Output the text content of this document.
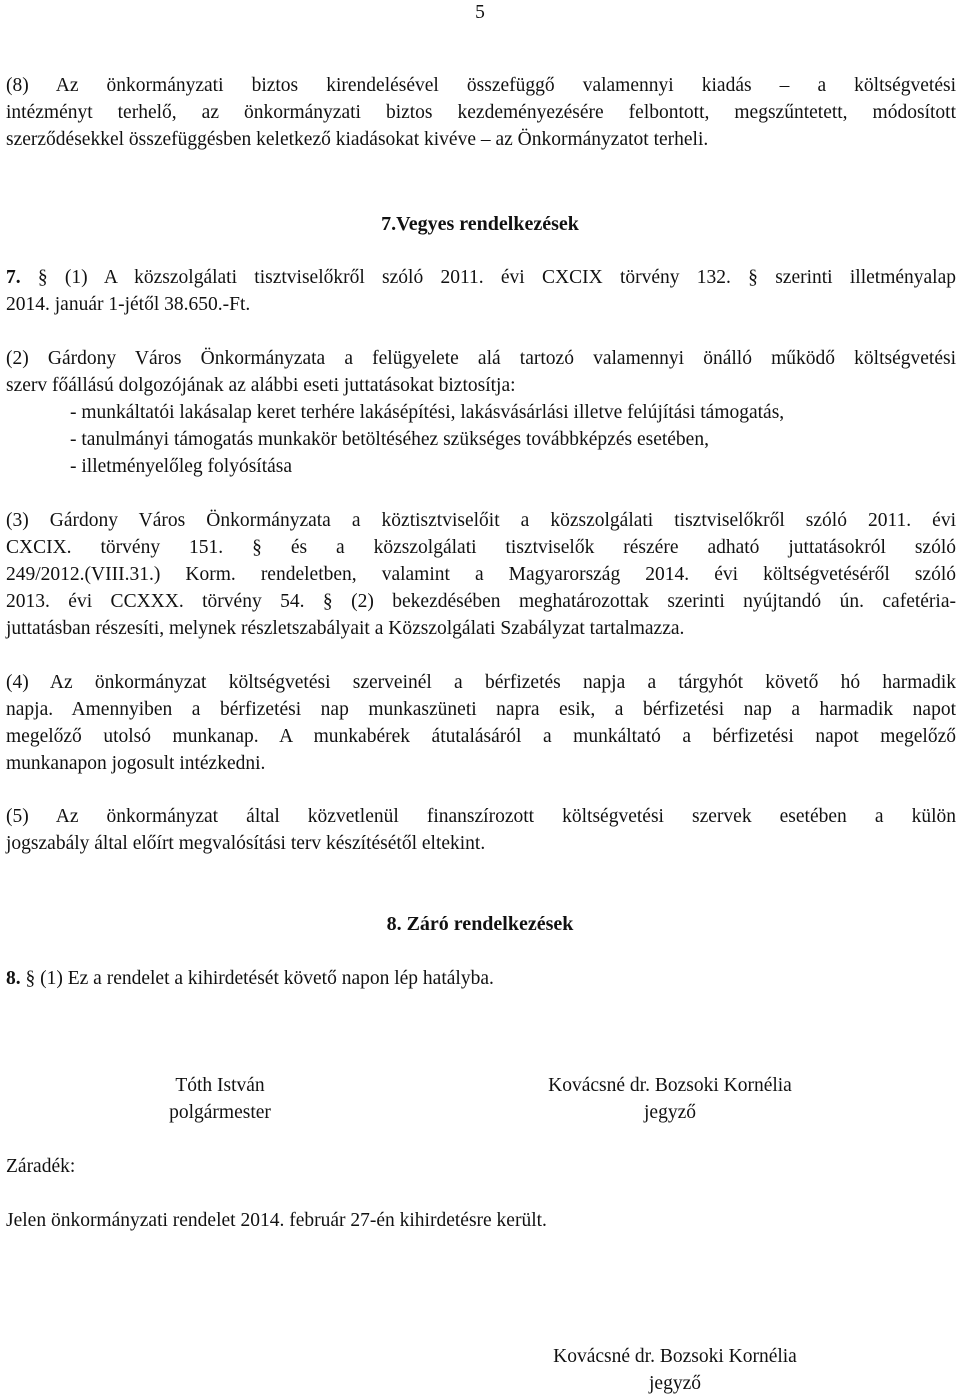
5
(8) Az önkormányzati biztos kirendelésével összefüggő valamennyi kiadás – a költségvetési
intézményt terhelő, az önkormányzati biztos kezdeményezésére felbontott, megszűntetett, módosított
szerződésekkel összefüggésben keletkező kiadásokat kivéve – az Önkormányzatot terheli.
7.Vegyes rendelkezések
7. § (1) A közszolgálati tisztviselőkről szóló 2011. évi CXCIX törvény 132. § szerinti illetményalap
2014. január 1-jétől 38.650.-Ft.
(2) Gárdony Város Önkormányzata a felügyelete alá tartozó valamennyi önálló működő költségvetési
szerv főállású dolgozójának az alábbi eseti juttatásokat biztosítja:
- munkáltatói lakásalap keret terhére lakásépítési, lakásvásárlási illetve felújítási támogatás,
- tanulmányi támogatás munkakör betöltéséhez szükséges továbbképzés esetében,
- illetményelőleg folyósítása
(3) Gárdony Város Önkormányzata a köztisztviselőit a közszolgálati tisztviselőkről szóló 2011. évi
CXCIX. törvény 151. § és a közszolgálati tisztviselők részére adható juttatásokról szóló
249/2012.(VIII.31.) Korm. rendeletben, valamint a Magyarország 2014. évi költségvetéséről szóló
2013. évi CCXXX. törvény 54. § (2) bekezdésében meghatározottak szerinti nyújtandó ún. cafetéria-
juttatásban részesíti, melynek részletszabályait a Közszolgálati Szabályzat tartalmazza.
(4) Az önkormányzat költségvetési szerveinél a bérfizetés napja a tárgyhót követő hó harmadik
napja. Amennyiben a bérfizetési nap munkaszüneti napra esik, a bérfizetési nap a harmadik napot
megelőző utolsó munkanap. A munkabérek átutalásáról a munkáltató a bérfizetési napot megelőző
munkanapon jogosult intézkedni.
(5) Az önkormányzat által közvetlenül finanszírozott költségvetési szervek esetében a külön
jogszabály által előírt megvalósítási terv készítésétől eltekint.
8. Záró rendelkezések
8. § (1) Ez a rendelet a kihirdetését követő napon lép hatályba.
Tóth István
polgármester
Kovácsné dr. Bozsoki Kornélia
jegyző
Záradék:
Jelen önkormányzati rendelet 2014. február 27-én kihirdetésre került.
Kovácsné dr. Bozsoki Kornélia
jegyző
